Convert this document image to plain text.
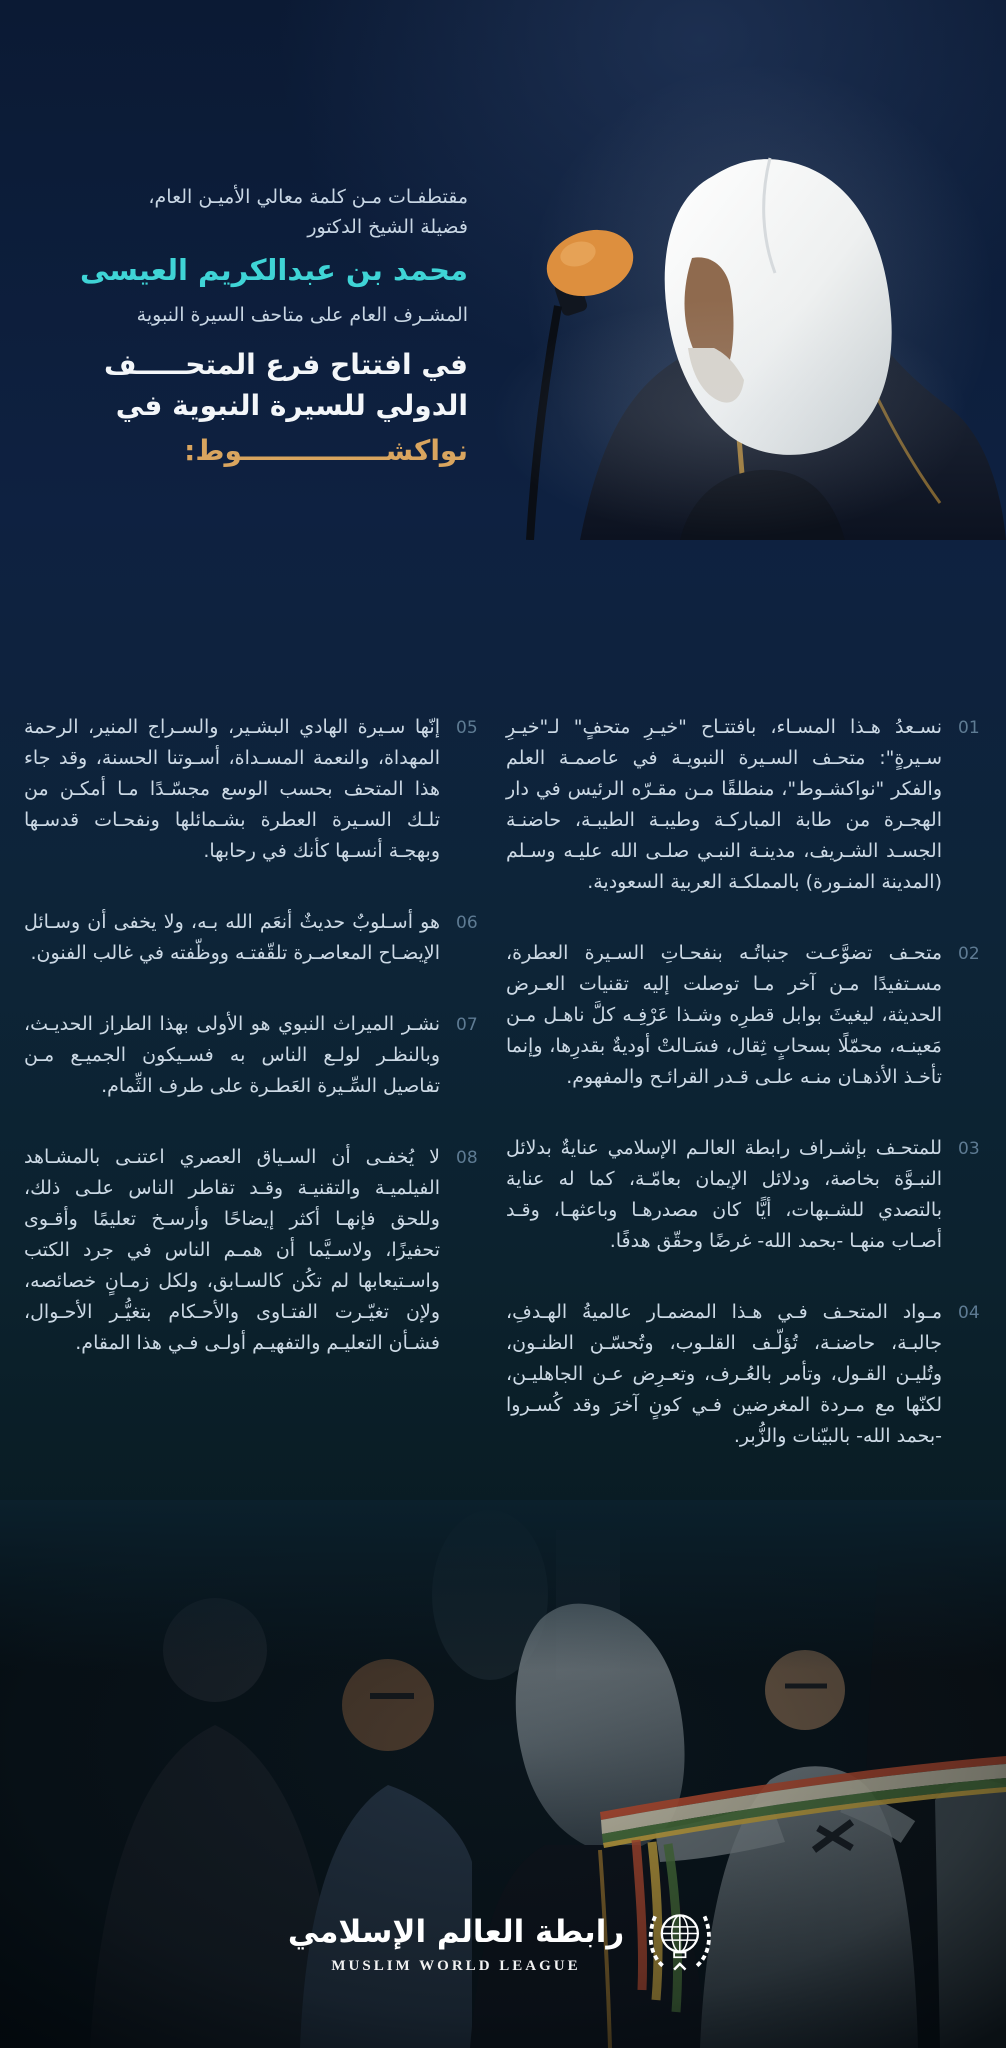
مقتطفـات مـن كلمة معالي الأميـن العام،
فضيلة الشيخ الدكتور
محمد بن عبدالكريم العيسى
المشـرف العام على متاحف السيرة النبوية
في افتتاح فرع المتحـــــف
الدولي للسيرة النبوية في
نواكشـــــــــــــــوط:
01

نسـعدُ هـذا المسـاء، بافتتـاح "خيـرِ متحفٍ" لـ"خيـرِ سـيرةٍ": متحـف السـيرة النبويـة في عاصمـة العلم والفكر "نواكشـوط"، منطلقًا مـن مقـرّه الرئيس في دار الهجـرة من طابة المباركـة وطيبـة الطيبـة، حاضنـة الجسـد الشـريف، مدينـة النبـي صلـى الله عليـه وسـلم (المدينة المنـورة) بالمملكـة العربية السعودية.

02

متحـف تضوَّعـت جنباتُـه بنفحـاتِ السـيرة العطرة، مسـتفيدًا مـن آخر مـا توصلت إليه تقنيات العـرض الحديثة، ليغيثَ بوابل قطرِه وشـذا عَرْفِـه كلَّ ناهـل مـن مَعينـه، محمّلًا بسحابٍ ثِقال، فسَـالتْ أوديةٌ بقدرِها، وإنما تأخـذ الأذهـان منـه علـى قـدر القرائـح والمفهوم.

03

للمتحـف بإشـراف رابطة العالـم الإسلامي عنايةٌ بدلائل النبـوَّة بخاصة، ودلائل الإيمان بعامّـة، كما له عناية بالتصدي للشـبهات، أيًّا كان مصدرهـا وباعثهـا، وقـد أصـاب منهـا -بحمد الله- غرضًا وحقّق هدفًا.

04

مـواد المتحـف فـي هـذا المضمـار عالميةُ الهـدفِ، جالبـة، حاضنـة، تُؤلّـف القلـوب، وتُحسّـن الظنـون، وتُليـن القـول، وتأمر بالعُـرف، وتعـرِض عـن الجاهليـن، لكنّها مع مـردة المغرضين فـي كونٍ آخرَ وقد كُسـروا -بحمد الله- بالبيّنات والزُّبر.

05

إنّها سـيرة الهادي البشـير، والسـراج المنير، الرحمة المهداة، والنعمة المسـداة، أسـوتنا الحسنة، وقد جاء هذا المتحف بحسب الوسع مجسّـدًا مـا أمكـن من تلـك السـيرة العطرة بشـمائلها ونفحـات قدسـها وبهجـة أنسـها كأنك في رحابها.

06

هو أسـلوبٌ حديثٌ أنعَم الله بـه، ولا يخفى أن وسـائل الإيضـاح المعاصـرة تلقّفتـه ووظّفته في غالب الفنون.

07

نشـر الميراث النبوي هو الأولى بهذا الطراز الحديـث، وبالنظـر لولـع الناس به فسـيكون الجميـع مـن تفاصيل السِّـيرة العَطـرة على طرف الثِّمام.

08

لا يُخفـى أن السـياق العصري اعتنـى بالمشـاهد الفيلميـة والتقنيـة وقـد تقاطر الناس علـى ذلك، وللحق فإنهـا أكثر إيضاحًا وأرسـخ تعليمًا وأقـوى تحفيزًا، ولاسـيَّما أن همـم الناس في جرد الكتب واسـتيعابها لم تكُن كالسـابق، ولكل زمـانٍ خصائصه، ولإن تغيّـرت الفتـاوى والأحـكام بتغيُّـر الأحـوال، فشـأن التعليـم والتفهيـم أولـى فـي هذا المقام.

رابطة العالم الإسلامي
MUSLIM WORLD LEAGUE
